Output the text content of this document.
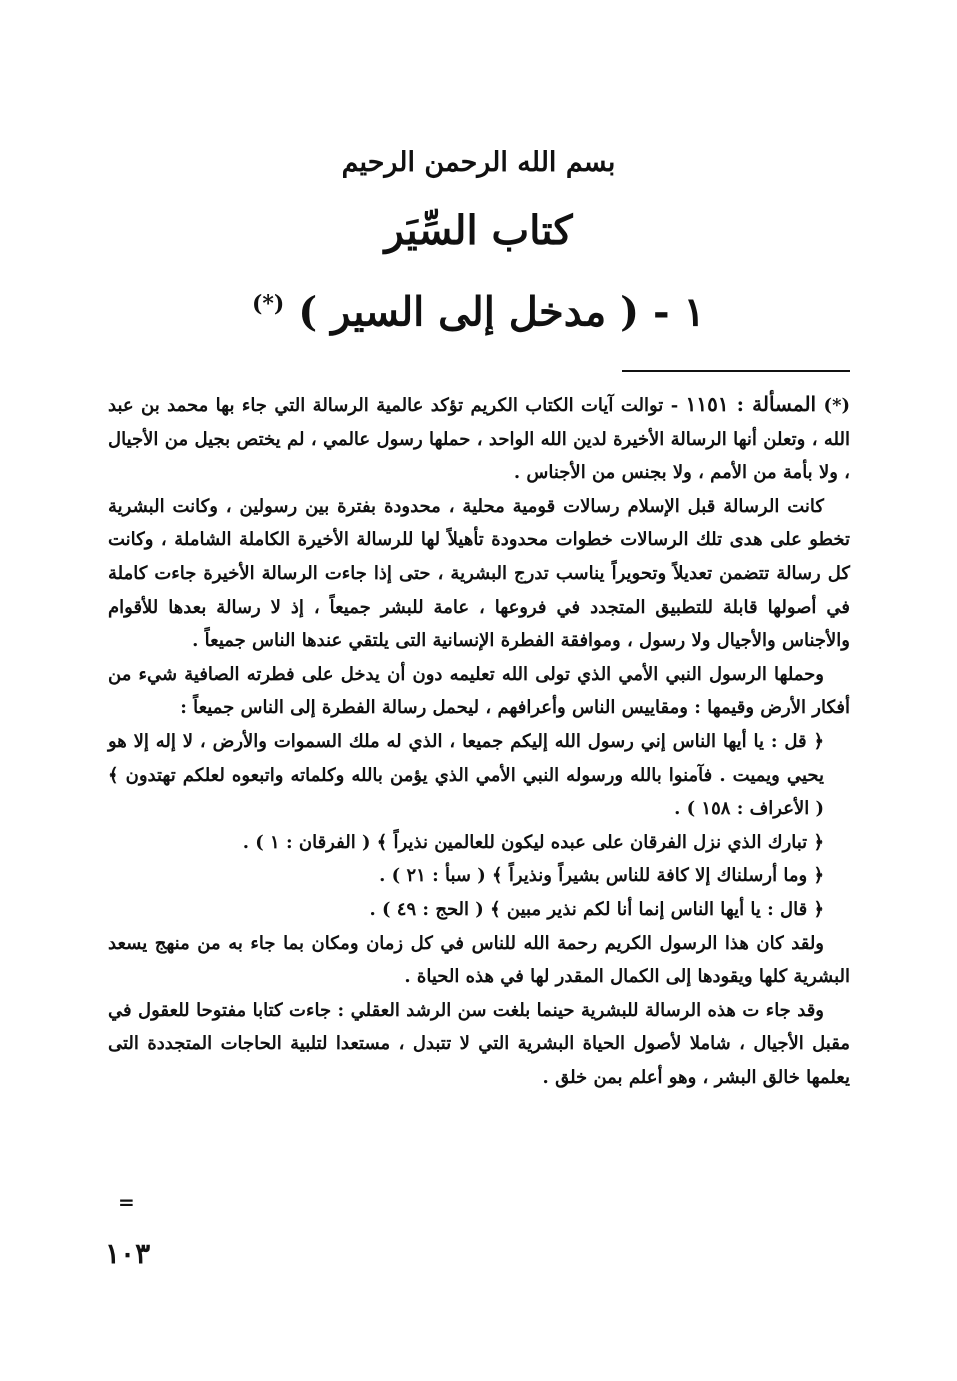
بسم الله الرحمن الرحيم
كتاب السِّيَر
١ - ( مدخل إلى السير ) (*)

(*) المسألة : ١١٥١ - توالت آيات الكتاب الكريم تؤكد عالمية الرسالة التي جاء بها محمد بن عبد الله ، وتعلن أنها الرسالة الأخيرة لدين الله الواحد ، حملها رسول عالمي ، لم يختص بجيل من الأجيال ، ولا بأمة من الأمم ، ولا بجنس من الأجناس .

كانت الرسالة قبل الإسلام رسالات قومية محلية ، محدودة بفترة بين رسولين ، وكانت البشرية تخطو على هدى تلك الرسالات خطوات محدودة تأهيلاً لها للرسالة الأخيرة الكاملة الشاملة ، وكانت كل رسالة تتضمن تعديلاً وتحويراً يناسب تدرج البشرية ، حتى إذا جاءت الرسالة الأخيرة جاءت كاملة في أصولها قابلة للتطبيق المتجدد في فروعها ، عامة للبشر جميعاً ، إذ لا رسالة بعدها للأقوام والأجناس والأجيال ولا رسول ، وموافقة الفطرة الإنسانية التى يلتقي عندها الناس جميعاً .

وحملها الرسول النبي الأمي الذي تولى الله تعليمه دون أن يدخل على فطرته الصافية شيء من أفكار الأرض وقيمها : ومقاييس الناس وأعرافهم ، ليحمل رسالة الفطرة إلى الناس جميعاً :

﴿ قل : يا أيها الناس إني رسول الله إليكم جميعا ، الذي له ملك السموات والأرض ، لا إله إلا هو يحيي ويميت . فآمنوا بالله ورسوله النبي الأمي الذي يؤمن بالله وكلماته واتبعوه لعلكم تهتدون ﴾ ( الأعراف : ١٥٨ ) .

﴿ تبارك الذي نزل الفرقان على عبده ليكون للعالمين نذيراً ﴾ ( الفرقان : ١ ) .

﴿ وما أرسلناك إلا كافة للناس بشيراً ونذيراً ﴾ ( سبأ : ٢١ ) .

﴿ قال : يا أيها الناس إنما أنا لكم نذير مبين ﴾ ( الحج : ٤٩ ) .

ولقد كان هذا الرسول الكريم رحمة الله للناس في كل زمان ومكان بما جاء به من منهج يسعد البشرية كلها ويقودها إلى الكمال المقدر لها في هذه الحياة .

وقد جاء ت هذه الرسالة للبشرية حينما بلغت سن الرشد العقلي : جاءت كتابا مفتوحا للعقول في مقبل الأجيال ، شاملا لأصول الحياة البشرية التي لا تتبدل ، مستعدا لتلبية الحاجات المتجددة التى يعلمها خالق البشر ، وهو أعلم بمن خلق .

=
١٠٣
